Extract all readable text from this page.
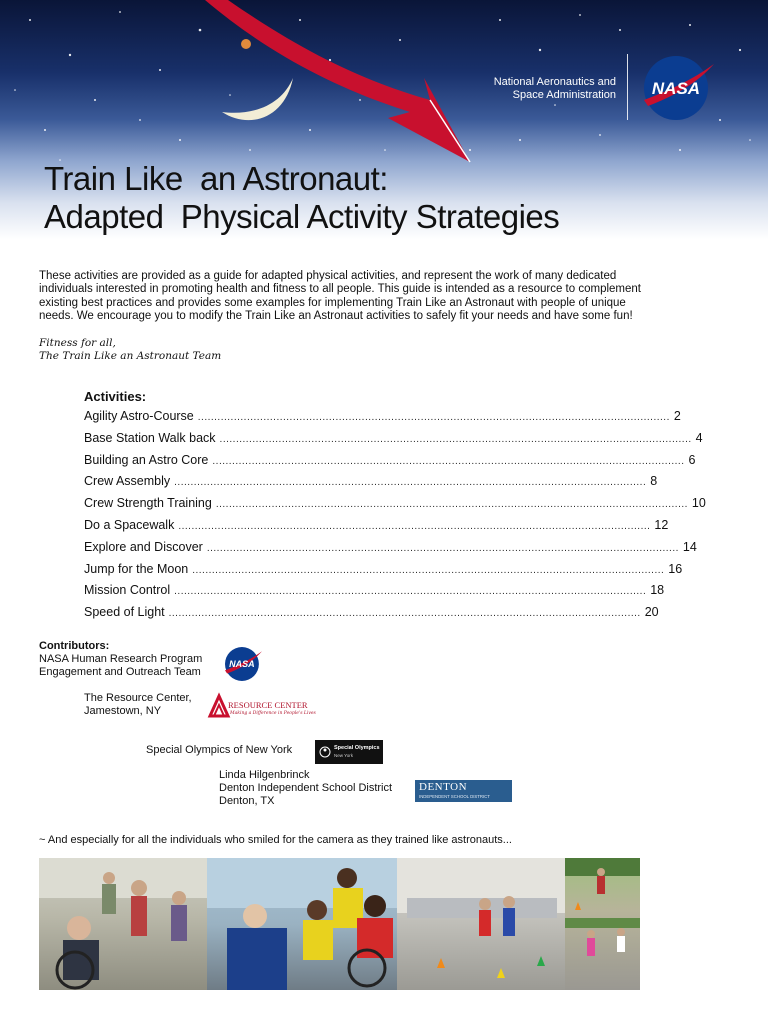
National Aeronautics and
Space Administration NASA
Train Like  an Astronaut:
Adapted  Physical Activity Strategies
These activities are provided as a guide for adapted physical activities, and represent the work of many dedicated individuals interested in promoting health and fitness to all people. This guide is intended as a resource to complement existing best practices and provides some examples for implementing Train Like an Astronaut with people of unique needs. We encourage you to modify the Train Like an Astronaut activities to safely fit your needs and have some fun!
Fitness for all,
The Train Like an Astronaut Team
Activities:
Agility Astro-Course ................................................................................................................................................ 2
Base Station Walk back ................................................................................................................................................ 4
Building an Astro Core ................................................................................................................................................ 6
Crew Assembly ................................................................................................................................................ 8
Crew Strength Training ................................................................................................................................................ 10
Do a Spacewalk ................................................................................................................................................ 12
Explore and Discover ................................................................................................................................................ 14
Jump for the Moon ................................................................................................................................................ 16
Mission Control ................................................................................................................................................ 18
Speed of Light ................................................................................................................................................ 20
Contributors:
NASA Human Research Program
Engagement and Outreach Team
NASA
The Resource Center,
Jamestown, NY	RESOURCE CENTER
Making a Difference in People's Lives
Special Olympics of New York	Special Olympics
New York
Linda Hilgenbrinck
Denton Independent School District
Denton, TX
DENTON
INDEPENDENT SCHOOL DISTRICT
~ And especially for all the individuals who smiled for the camera as they trained like astronauts...
